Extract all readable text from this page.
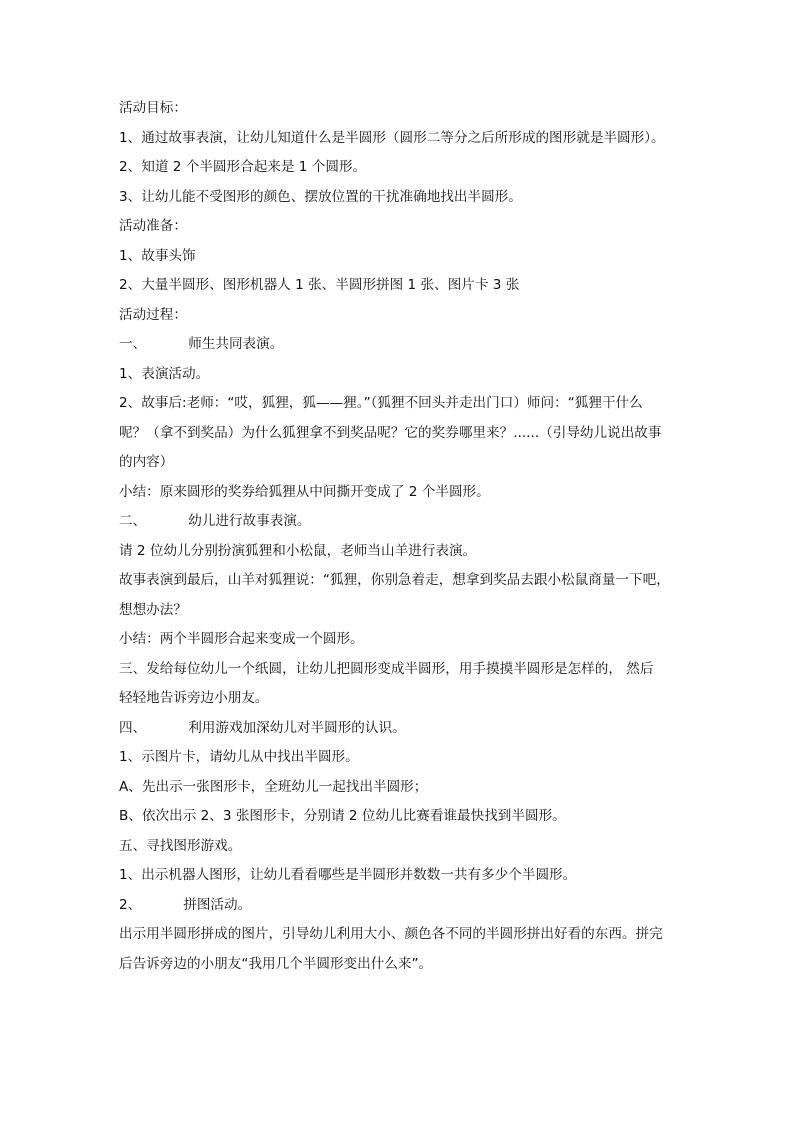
活动目标：
1、通过故事表演，让幼儿知道什么是半圆形（圆形二等分之后所形成的图形就是半圆形）。
2、知道 2 个半圆形合起来是 1 个圆形。
3、让幼儿能不受图形的颜色、摆放位置的干扰准确地找出半圆形。
活动准备：
1、故事头饰
2、大量半圆形、图形机器人 1 张、半圆形拼图 1 张、图片卡 3 张
活动过程：
一、	师生共同表演。
1、表演活动。
2、故事后:老师：“哎，狐狸，狐——狸。”（狐狸不回头并走出门口）师问：“狐狸干什么
呢？（拿不到奖品）为什么狐狸拿不到奖品呢？它的奖券哪里来？......（引导幼儿说出故事
的内容）
小结：原来圆形的奖券给狐狸从中间撕开变成了 2 个半圆形。
二、	幼儿进行故事表演。
请 2 位幼儿分别扮演狐狸和小松鼠，老师当山羊进行表演。
故事表演到最后，山羊对狐狸说：“狐狸，你别急着走，想拿到奖品去跟小松鼠商量一下吧，
想想办法？
小结：两个半圆形合起来变成一个圆形。
三、发给每位幼儿一个纸圆，让幼儿把圆形变成半圆形，用手摸摸半圆形是怎样的， 然后
轻轻地告诉旁边小朋友。
四、	利用游戏加深幼儿对半圆形的认识。
1、示图片卡，请幼儿从中找出半圆形。
A、先出示一张图形卡，全班幼儿一起找出半圆形；
B、依次出示 2、3 张图形卡，分别请 2 位幼儿比赛看谁最快找到半圆形。
五、寻找图形游戏。
1、出示机器人图形，让幼儿看看哪些是半圆形并数数一共有多少个半圆形。
2、	拼图活动。
出示用半圆形拼成的图片，引导幼儿利用大小、颜色各不同的半圆形拼出好看的东西。拼完
后告诉旁边的小朋友“我用几个半圆形变出什么来”。
